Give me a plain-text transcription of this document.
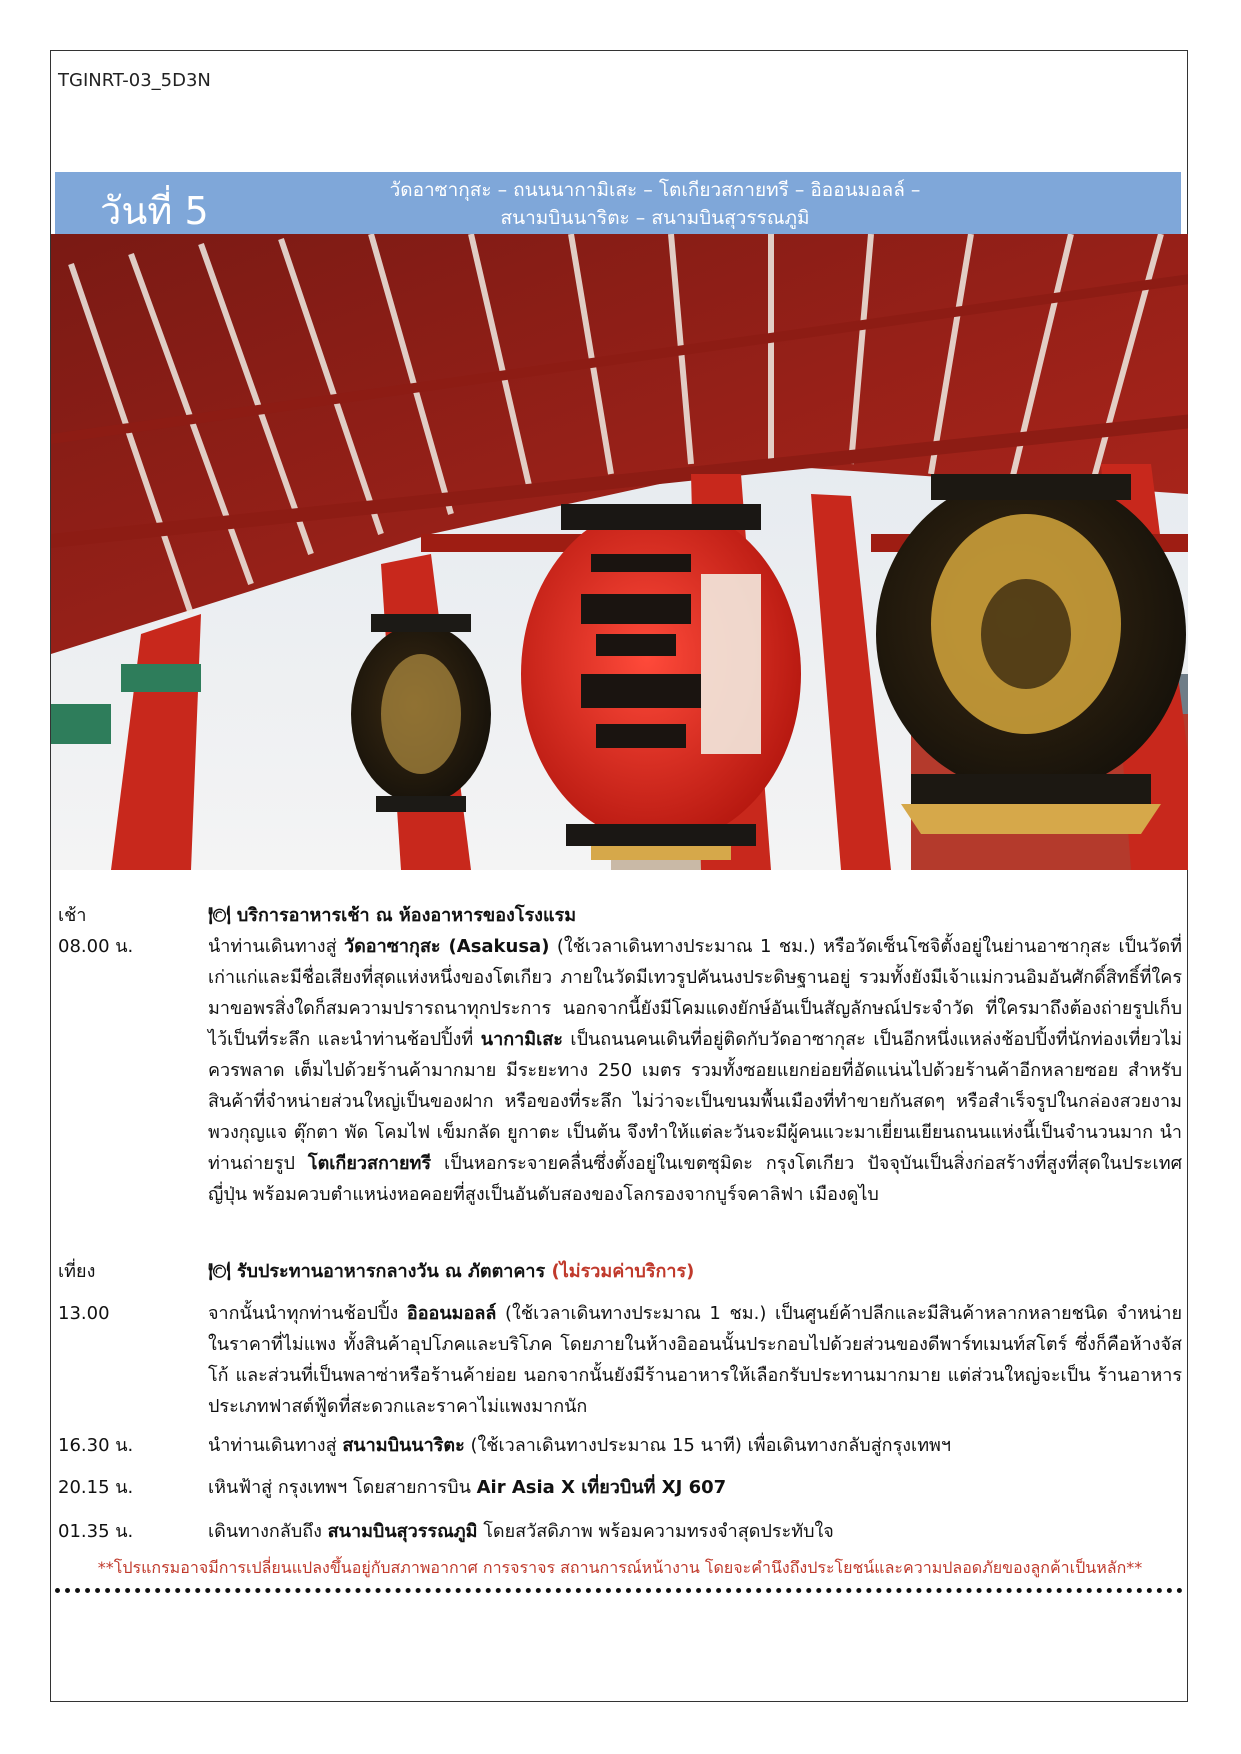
TGINRT-03_5D3N
วันที่ 5	วัดอาซากุสะ – ถนนนากามิเสะ – โตเกียวสกายทรี – อิออนมอลล์ –
สนามบินนาริตะ – สนามบินสุวรรณภูมิ
เช้า	🍽 บริการอาหารเช้า ณ ห้องอาหารของโรงแรม
08.00 น.	นำท่านเดินทางสู่ วัดอาซากุสะ (Asakusa) (ใช้เวลาเดินทางประมาณ 1 ชม.) หรือวัดเซ็นโซจิตั้งอยู่ในย่านอาซากุสะ เป็นวัดที่เก่าแก่และมีชื่อเสียงที่สุดแห่งหนึ่งของโตเกียว ภายในวัดมีเทวรูปคันนงประดิษฐานอยู่ รวมทั้งยังมีเจ้าแม่กวนอิมอันศักดิ์สิทธิ์ที่ใครมาขอพรสิ่งใดก็สมความปรารถนาทุกประการ นอกจากนี้ยังมีโคมแดงยักษ์อันเป็นสัญลักษณ์ประจำวัด ที่ใครมาถึงต้องถ่ายรูปเก็บไว้เป็นที่ระลึก และนำท่านช้อปปิ้งที่ นากามิเสะ เป็นถนนคนเดินที่อยู่ติดกับวัดอาซากุสะ เป็นอีกหนึ่งแหล่งช้อปปิ้งที่นักท่องเที่ยวไม่ควรพลาด เต็มไปด้วยร้านค้ามากมาย มีระยะทาง 250 เมตร รวมทั้งซอยแยกย่อยที่อัดแน่นไปด้วยร้านค้าอีกหลายซอย สำหรับสินค้าที่จำหน่ายส่วนใหญ่เป็นของฝาก หรือของที่ระลึก ไม่ว่าจะเป็นขนมพื้นเมืองที่ทำขายกันสดๆ หรือสำเร็จรูปในกล่องสวยงาม พวงกุญแจ ตุ๊กตา พัด โคมไฟ เข็มกลัด ยูกาตะ เป็นต้น จึงทำให้แต่ละวันจะมีผู้คนแวะมาเยี่ยนเยียนถนนแห่งนี้เป็นจำนวนมาก นำท่านถ่ายรูป โตเกียวสกายทรี เป็นหอกระจายคลื่นซึ่งตั้งอยู่ในเขตซุมิดะ กรุงโตเกียว ปัจจุบันเป็นสิ่งก่อสร้างที่สูงที่สุดในประเทศญี่ปุ่น พร้อมควบตำแหน่งหอคอยที่สูงเป็นอันดับสองของโลกรองจากบูร์จคาลิฟา เมืองดูไบ
เที่ยง	🍽 รับประทานอาหารกลางวัน ณ ภัตตาคาร (ไม่รวมค่าบริการ)
13.00	จากนั้นนำทุกท่านช้อปปิ้ง อิออนมอลล์ (ใช้เวลาเดินทางประมาณ 1 ชม.) เป็นศูนย์ค้าปลีกและมีสินค้าหลากหลายชนิด จำหน่ายในราคาที่ไม่แพง ทั้งสินค้าอุปโภคและบริโภค โดยภายในห้างอิออนนั้นประกอบไปด้วยส่วนของดีพาร์ทเมนท์สโตร์ ซึ่งก็คือห้างจัสโก้ และส่วนที่เป็นพลาซ่าหรือร้านค้าย่อย นอกจากนั้นยังมีร้านอาหารให้เลือกรับประทานมากมาย แต่ส่วนใหญ่จะเป็น ร้านอาหารประเภทฟาสต์ฟู้ดที่สะดวกและราคาไม่แพงมากนัก
16.30 น.	นำท่านเดินทางสู่ สนามบินนาริตะ (ใช้เวลาเดินทางประมาณ 15 นาที) เพื่อเดินทางกลับสู่กรุงเทพฯ
20.15 น.	เหินฟ้าสู่ กรุงเทพฯ โดยสายการบิน Air Asia X เที่ยวบินที่ XJ 607
01.35 น.	เดินทางกลับถึง สนามบินสุวรรณภูมิ โดยสวัสดิภาพ พร้อมความทรงจำสุดประทับใจ
**โปรแกรมอาจมีการเปลี่ยนแปลงขึ้นอยู่กับสภาพอากาศ การจราจร สถานการณ์หน้างาน โดยจะคำนึงถึงประโยชน์และความปลอดภัยของลูกค้าเป็นหลัก**
